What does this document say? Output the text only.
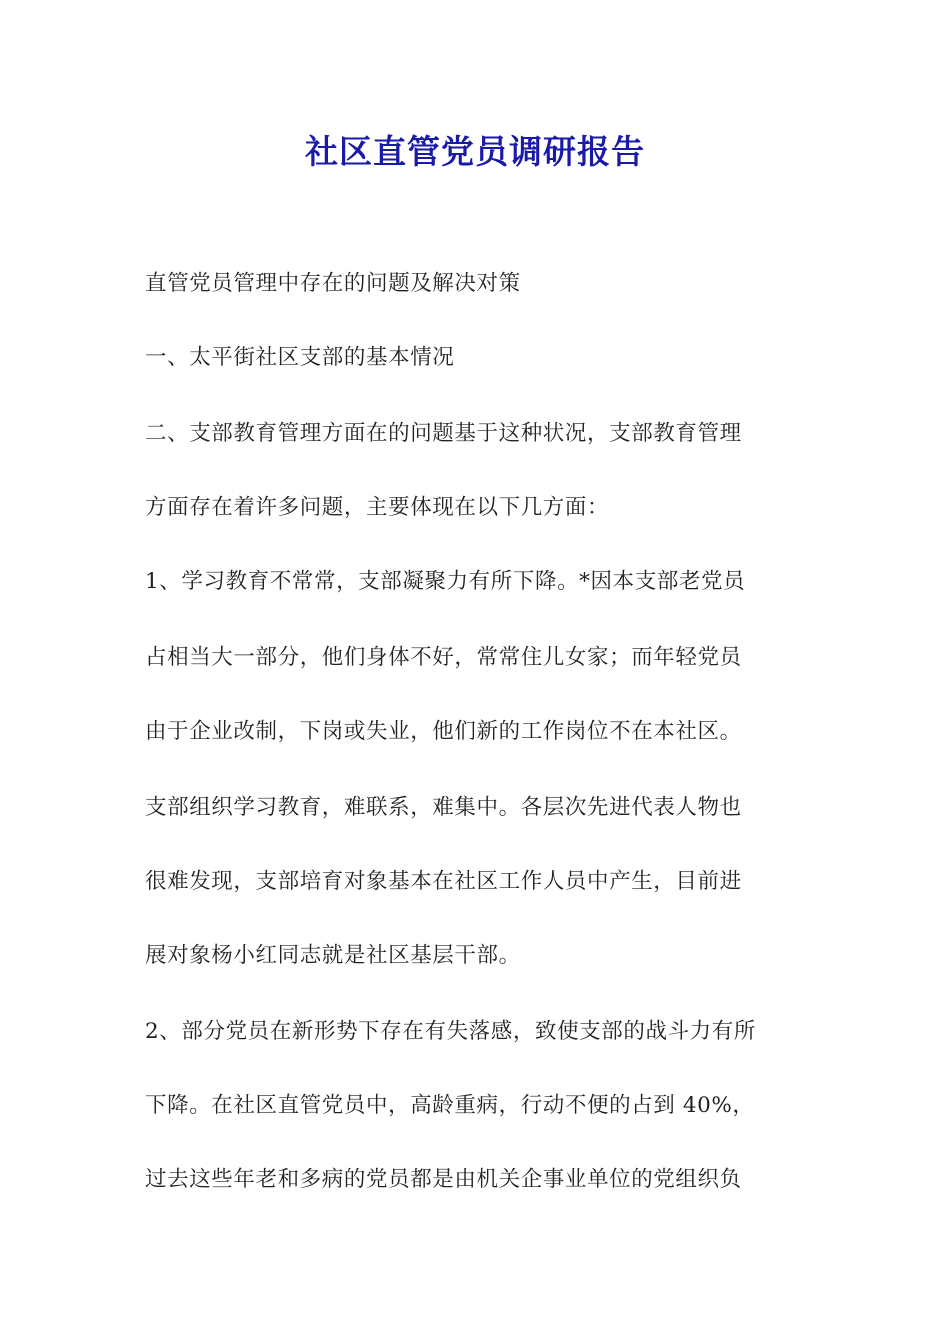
社区直管党员调研报告

直管党员管理中存在的问题及解决对策

一、太平街社区支部的基本情况

二、支部教育管理方面在的问题基于这种状况，支部教育管理

方面存在着许多问题，主要体现在以下几方面：

1、学习教育不常常，支部凝聚力有所下降。*因本支部老党员

占相当大一部分，他们身体不好，常常住儿女家；而年轻党员

由于企业改制，下岗或失业，他们新的工作岗位不在本社区。

支部组织学习教育，难联系，难集中。各层次先进代表人物也

很难发现，支部培育对象基本在社区工作人员中产生，目前进

展对象杨小红同志就是社区基层干部。

2、部分党员在新形势下存在有失落感，致使支部的战斗力有所

下降。在社区直管党员中，高龄重病，行动不便的占到 40%，

过去这些年老和多病的党员都是由机关企事业单位的党组织负
